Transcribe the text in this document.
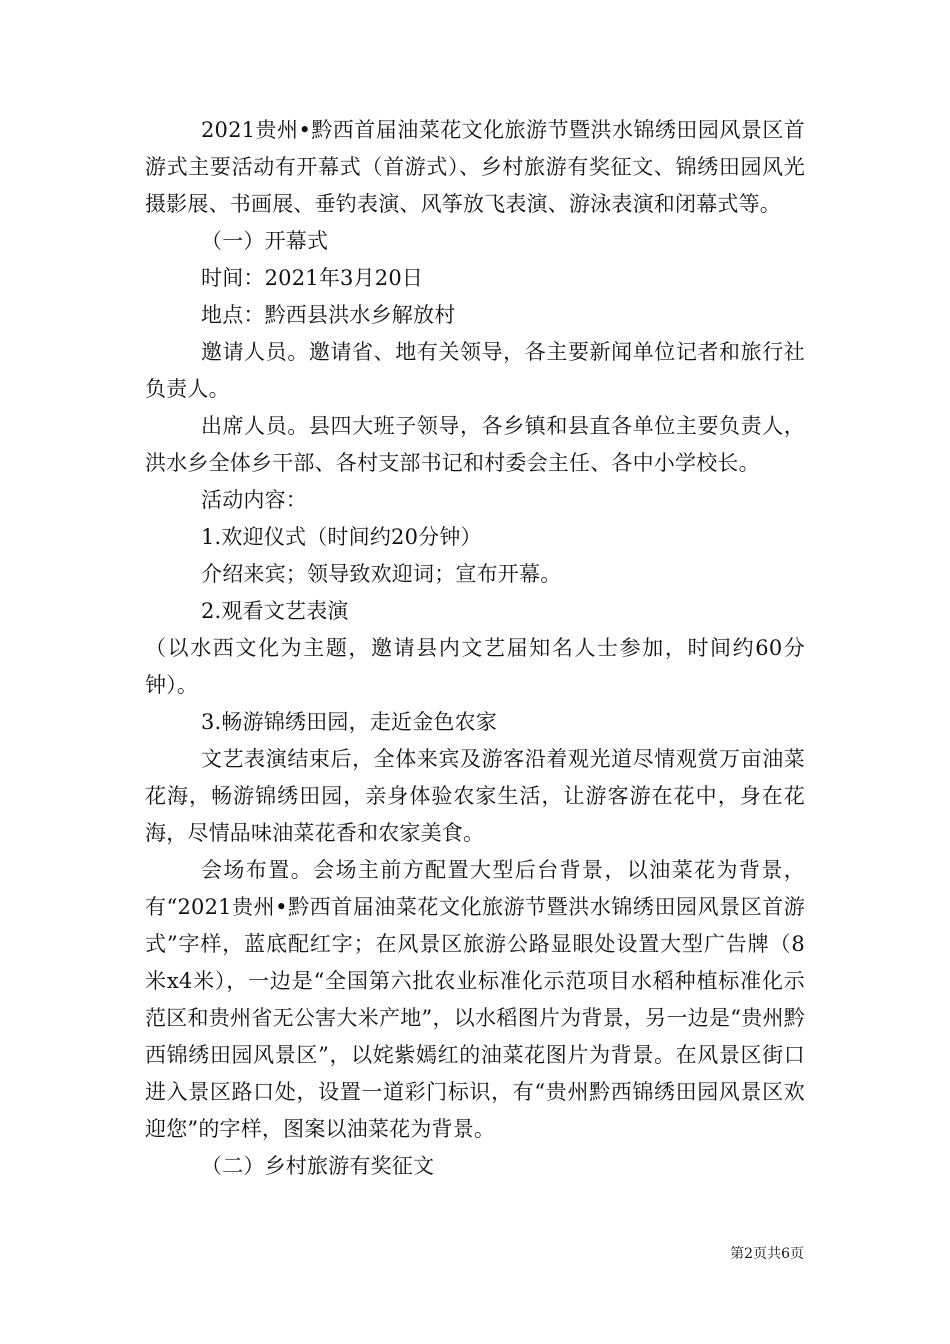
2021贵州•黔西首届油菜花文化旅游节暨洪水锦绣田园风景区首游式主要活动有开幕式（首游式）、乡村旅游有奖征文、锦绣田园风光摄影展、书画展、垂钓表演、风筝放飞表演、游泳表演和闭幕式等。

（一）开幕式

时间：2021年3月20日

地点：黔西县洪水乡解放村

邀请人员。邀请省、地有关领导，各主要新闻单位记者和旅行社负责人。

出席人员。县四大班子领导，各乡镇和县直各单位主要负责人，洪水乡全体乡干部、各村支部书记和村委会主任、各中小学校长。

活动内容：

1.欢迎仪式（时间约20分钟）

介绍来宾；领导致欢迎词；宣布开幕。

2.观看文艺表演

（以水西文化为主题，邀请县内文艺届知名人士参加，时间约60分钟）。

3.畅游锦绣田园，走近金色农家

文艺表演结束后，全体来宾及游客沿着观光道尽情观赏万亩油菜花海，畅游锦绣田园，亲身体验农家生活，让游客游在花中，身在花海，尽情品味油菜花香和农家美食。

会场布置。会场主前方配置大型后台背景，以油菜花为背景，有“2021贵州•黔西首届油菜花文化旅游节暨洪水锦绣田园风景区首游式”字样，蓝底配红字；在风景区旅游公路显眼处设置大型广告牌（8米x4米），一边是“全国第六批农业标准化示范项目水稻种植标准化示范区和贵州省无公害大米产地”，以水稻图片为背景，另一边是“贵州黔西锦绣田园风景区”，以姹紫嫣红的油菜花图片为背景。在风景区街口进入景区路口处，设置一道彩门标识，有“贵州黔西锦绣田园风景区欢迎您”的字样，图案以油菜花为背景。

（二）乡村旅游有奖征文

第2页共6页
